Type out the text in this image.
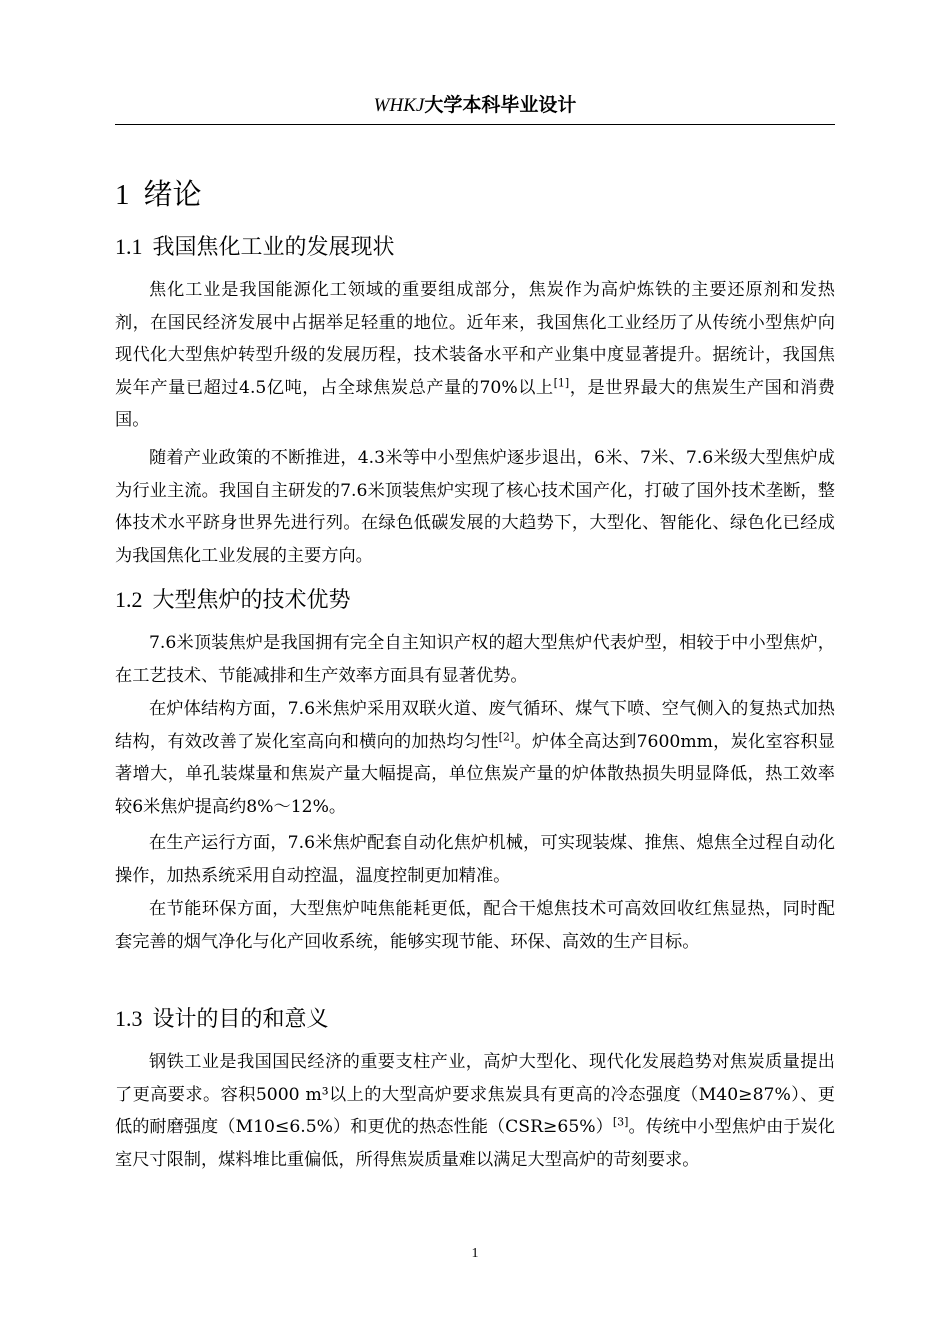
WHKJ大学本科毕业设计
1 绪论
1.1 我国焦化工业的发展现状

焦化工业是我国能源化工领域的重要组成部分，焦炭作为高炉炼铁的主要还原剂和发热剂，在国民经济发展中占据举足轻重的地位。近年来，我国焦化工业经历了从传统小型焦炉向现代化大型焦炉转型升级的发展历程，技术装备水平和产业集中度显著提升。据统计，我国焦炭年产量已超过4.5亿吨，占全球焦炭总产量的70%以上[1]，是世界最大的焦炭生产国和消费国。

随着产业政策的不断推进，4.3米等中小型焦炉逐步退出，6米、7米、7.6米级大型焦炉成为行业主流。我国自主研发的7.6米顶装焦炉实现了核心技术国产化，打破了国外技术垄断，整体技术水平跻身世界先进行列。在绿色低碳发展的大趋势下，大型化、智能化、绿色化已经成为我国焦化工业发展的主要方向。

1.2 大型焦炉的技术优势

7.6米顶装焦炉是我国拥有完全自主知识产权的超大型焦炉代表炉型，相较于中小型焦炉，在工艺技术、节能减排和生产效率方面具有显著优势。

在炉体结构方面，7.6米焦炉采用双联火道、废气循环、煤气下喷、空气侧入的复热式加热结构，有效改善了炭化室高向和横向的加热均匀性[2]。炉体全高达到7600mm，炭化室容积显著增大，单孔装煤量和焦炭产量大幅提高，单位焦炭产量的炉体散热损失明显降低，热工效率较6米焦炉提高约8%～12%。

在生产运行方面，7.6米焦炉配套自动化焦炉机械，可实现装煤、推焦、熄焦全过程自动化操作，加热系统采用自动控温，温度控制更加精准。

在节能环保方面，大型焦炉吨焦能耗更低，配合干熄焦技术可高效回收红焦显热，同时配套完善的烟气净化与化产回收系统，能够实现节能、环保、高效的生产目标。

1.3 设计的目的和意义

钢铁工业是我国国民经济的重要支柱产业，高炉大型化、现代化发展趋势对焦炭质量提出了更高要求。容积5000 m³以上的大型高炉要求焦炭具有更高的冷态强度（M40≥87%）、更低的耐磨强度（M10≤6.5%）和更优的热态性能（CSR≥65%）[3]。传统中小型焦炉由于炭化室尺寸限制，煤料堆比重偏低，所得焦炭质量难以满足大型高炉的苛刻要求。

1
